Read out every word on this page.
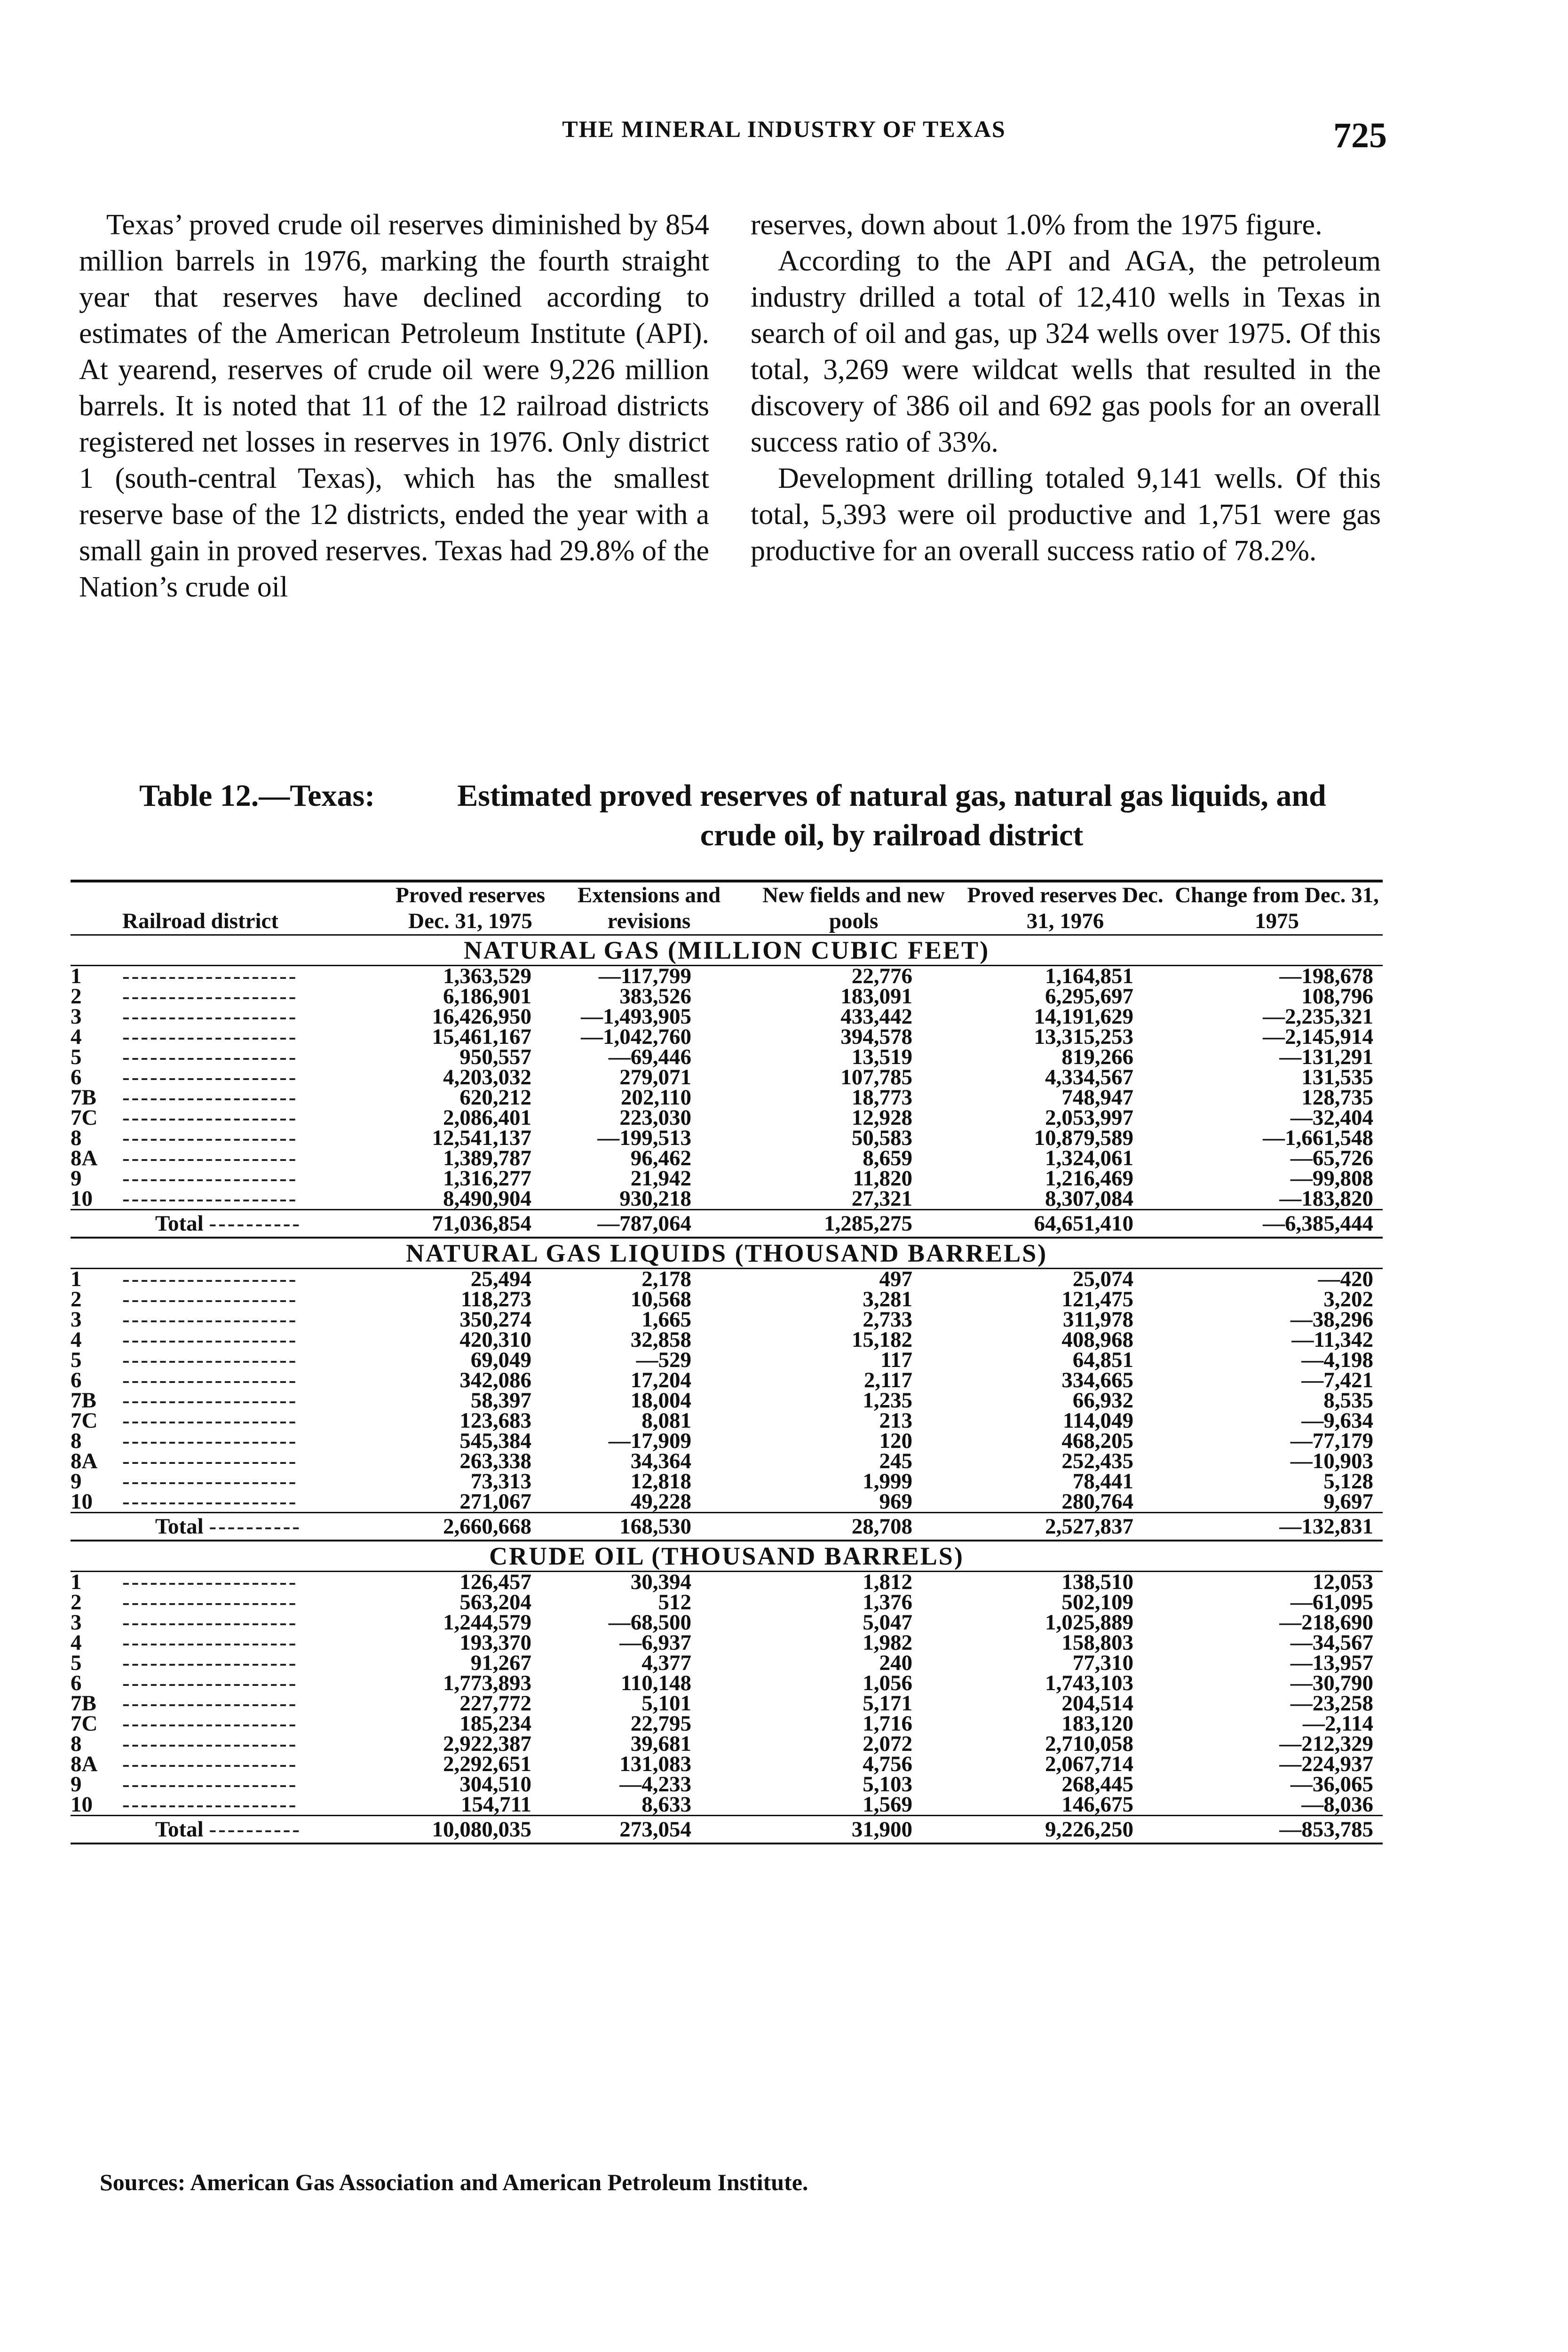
THE MINERAL INDUSTRY OF TEXAS	725

Texas’ proved crude oil reserves diminished by 854 million barrels in 1976, marking the fourth straight year that reserves have declined according to estimates of the American Petroleum Institute (API). At yearend, reserves of crude oil were 9,226 million barrels. It is noted that 11 of the 12 railroad districts registered net losses in reserves in 1976. Only district 1 (south-central Texas), which has the smallest reserve base of the 12 districts, ended the year with a small gain in proved reserves. Texas had 29.8% of the Nation’s crude oil

reserves, down about 1.0% from the 1975 figure.

According to the API and AGA, the petroleum industry drilled a total of 12,410 wells in Texas in search of oil and gas, up 324 wells over 1975. Of this total, 3,269 were wildcat wells that resulted in the discovery of 386 oil and 692 gas pools for an overall success ratio of 33%.

Development drilling totaled 9,141 wells. Of this total, 5,393 were oil productive and 1,751 were gas productive for an overall success ratio of 78.2%.

Table 12.—Texas:	Estimated proved reserves of natural gas, natural gas liquids, and crude oil, by railroad district
Railroad district	Proved reserves Dec. 31, 1975	Extensions and revisions	New fields and new pools	Proved reserves Dec. 31, 1976	Change from Dec. 31, 1975
NATURAL GAS (MILLION CUBIC FEET)					
1 -------------------	1,363,529	—117,799	22,776	1,164,851	—198,678
2 -------------------	6,186,901	383,526	183,091	6,295,697	108,796
3 -------------------	16,426,950	—1,493,905	433,442	14,191,629	—2,235,321
4 -------------------	15,461,167	—1,042,760	394,578	13,315,253	—2,145,914
5 -------------------	950,557	—69,446	13,519	819,266	—131,291
6 -------------------	4,203,032	279,071	107,785	4,334,567	131,535
7B -------------------	620,212	202,110	18,773	748,947	128,735
7C -------------------	2,086,401	223,030	12,928	2,053,997	—32,404
8 -------------------	12,541,137	—199,513	50,583	10,879,589	—1,661,548
8A -------------------	1,389,787	96,462	8,659	1,324,061	—65,726
9 -------------------	1,316,277	21,942	11,820	1,216,469	—99,808
10 -------------------	8,490,904	930,218	27,321	8,307,084	—183,820
Total ----------	71,036,854	—787,064	1,285,275	64,651,410	—6,385,444
NATURAL GAS LIQUIDS (THOUSAND BARRELS)					
1 -------------------	25,494	2,178	497	25,074	—420
2 -------------------	118,273	10,568	3,281	121,475	3,202
3 -------------------	350,274	1,665	2,733	311,978	—38,296
4 -------------------	420,310	32,858	15,182	408,968	—11,342
5 -------------------	69,049	—529	117	64,851	—4,198
6 -------------------	342,086	17,204	2,117	334,665	—7,421
7B -------------------	58,397	18,004	1,235	66,932	8,535
7C -------------------	123,683	8,081	213	114,049	—9,634
8 -------------------	545,384	—17,909	120	468,205	—77,179
8A -------------------	263,338	34,364	245	252,435	—10,903
9 -------------------	73,313	12,818	1,999	78,441	5,128
10 -------------------	271,067	49,228	969	280,764	9,697
Total ----------	2,660,668	168,530	28,708	2,527,837	—132,831
CRUDE OIL (THOUSAND BARRELS)					
1 -------------------	126,457	30,394	1,812	138,510	12,053
2 -------------------	563,204	512	1,376	502,109	—61,095
3 -------------------	1,244,579	—68,500	5,047	1,025,889	—218,690
4 -------------------	193,370	—6,937	1,982	158,803	—34,567
5 -------------------	91,267	4,377	240	77,310	—13,957
6 -------------------	1,773,893	110,148	1,056	1,743,103	—30,790
7B -------------------	227,772	5,101	5,171	204,514	—23,258
7C -------------------	185,234	22,795	1,716	183,120	—2,114
8 -------------------	2,922,387	39,681	2,072	2,710,058	—212,329
8A -------------------	2,292,651	131,083	4,756	2,067,714	—224,937
9 -------------------	304,510	—4,233	5,103	268,445	—36,065
10 -------------------	154,711	8,633	1,569	146,675	—8,036
Total ----------	10,080,035	273,054	31,900	9,226,250	—853,785
Sources: American Gas Association and American Petroleum Institute.
